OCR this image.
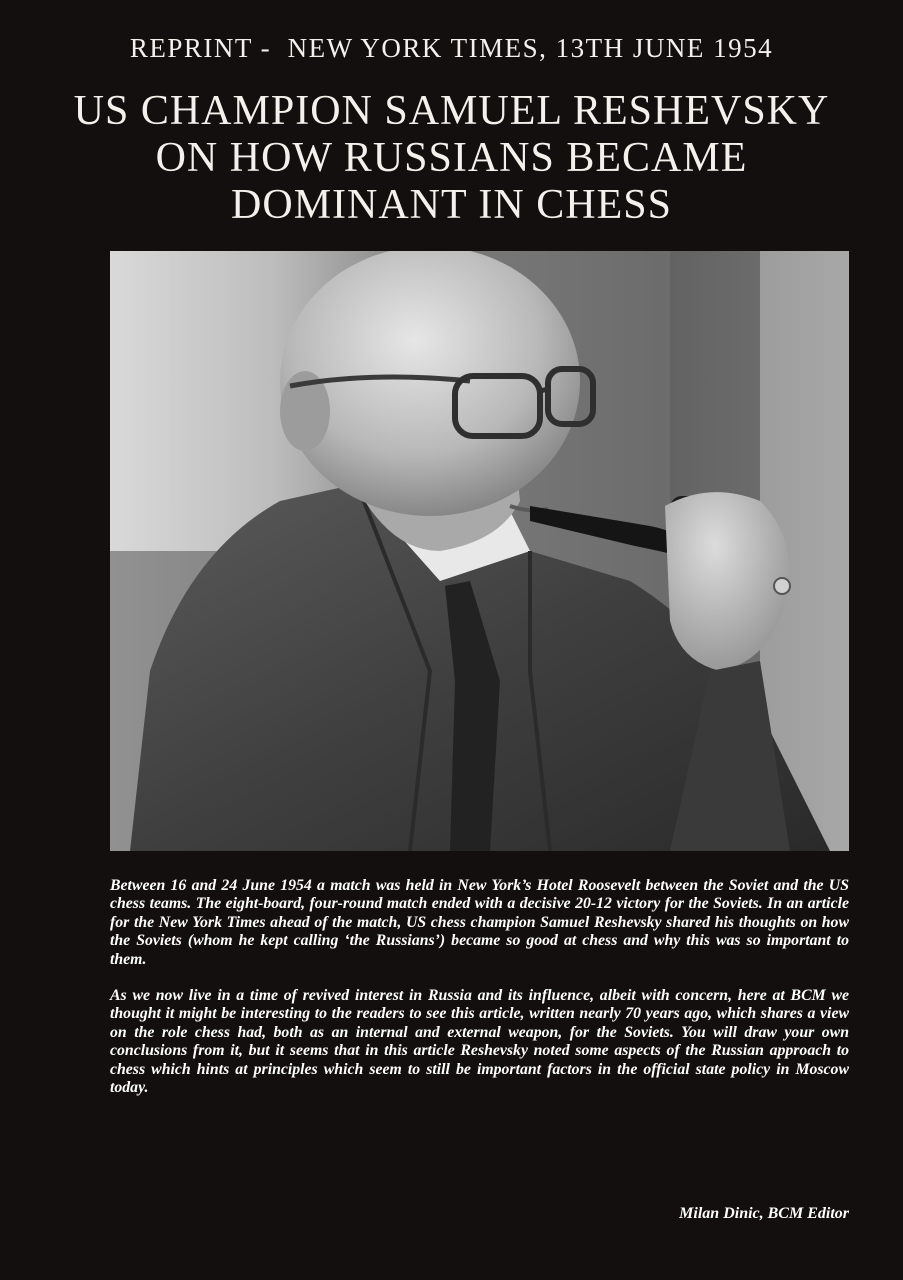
REPRINT -  NEW YORK TIMES, 13TH JUNE 1954
US CHAMPION SAMUEL RESHEVSKY
ON HOW RUSSIANS BECAME
DOMINANT IN CHESS

Between 16 and 24 June 1954 a match was held in New York’s Hotel Roosevelt between the Soviet and the US chess teams. The eight-board, four-round match ended with a decisive 20-12 victory for the Soviets. In an article for the New York Times ahead of the match, US chess champion Samuel Reshevsky shared his thoughts on how the Soviets (whom he kept calling ‘the Russians’) became so good at chess and why this was so important to them.

As we now live in a time of revived interest in Russia and its influence, albeit with concern, here at BCM we thought it might be interesting to the readers to see this article, written nearly 70 years ago, which shares a view on the role chess had, both as an internal and external weapon, for the Soviets. You will draw your own conclusions from it, but it seems that in this article Reshevsky noted some aspects of the Russian approach to chess which hints at principles which seem to still be important factors in the official state policy in Moscow today.

Milan Dinic, BCM Editor
